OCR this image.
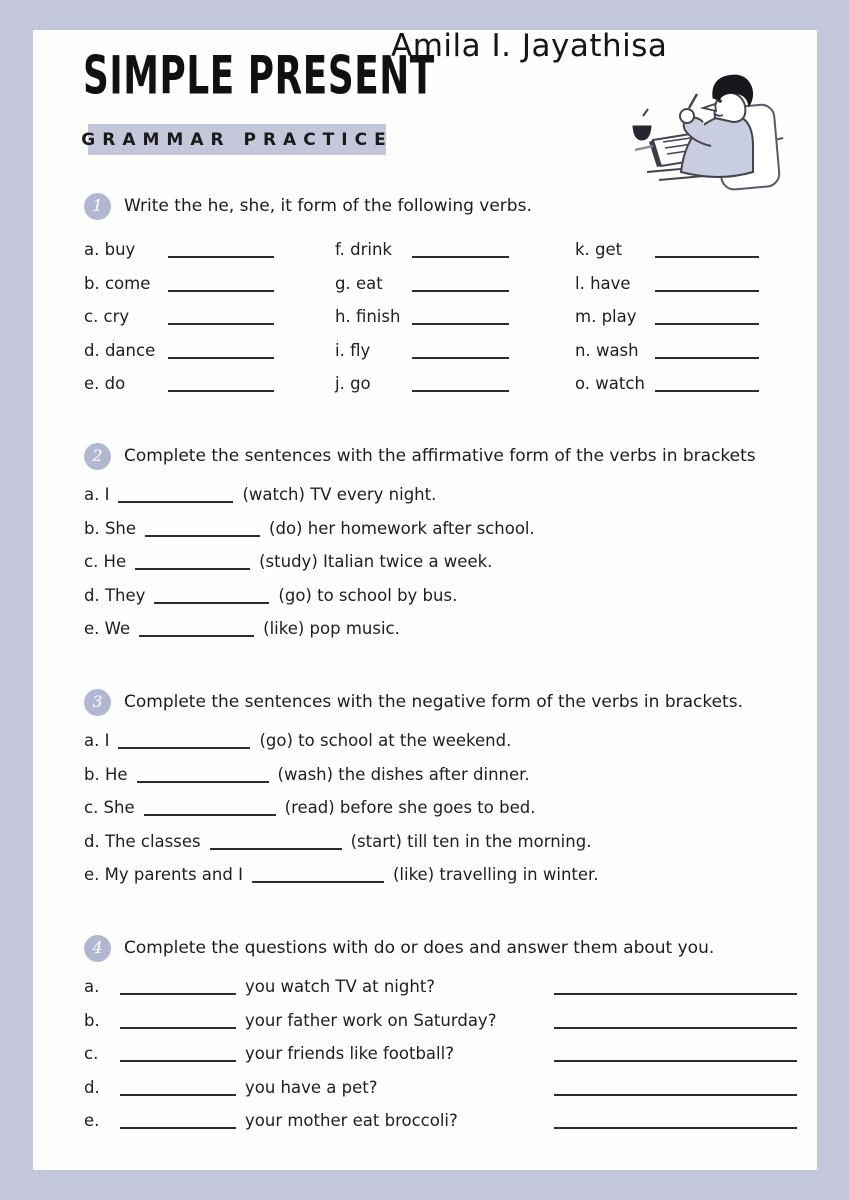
Amila I. Jayathisa
SIMPLE PRESENT
GRAMMAR PRACTICE
1	Write the he, she, it form of the following verbs.
a. buy	f. drink	k. get
b. come	g. eat	l. have
c. cry	h. finish	m. play
d. dance	i. fly	n. wash
e. do	j. go	o. watch
2	Complete the sentences with the affirmative form of the verbs in brackets
a. I	(watch) TV every night.
b. She	(do) her homework after school.
c. He	(study) Italian twice a week.
d. They	(go) to school by bus.
e. We	(like) pop music.
3	Complete the sentences with the negative form of the verbs in brackets.
a. I	(go) to school at the weekend.
b. He	(wash) the dishes after dinner.
c. She	(read) before she goes to bed.
d. The classes	(start) till ten in the morning.
e. My parents and I	(like) travelling in winter.
4	Complete the questions with do or does and answer them about you.
a.	you watch TV at night?
b.	your father work on Saturday?
c.	your friends like football?
d.	you have a pet?
e.	your mother eat broccoli?
